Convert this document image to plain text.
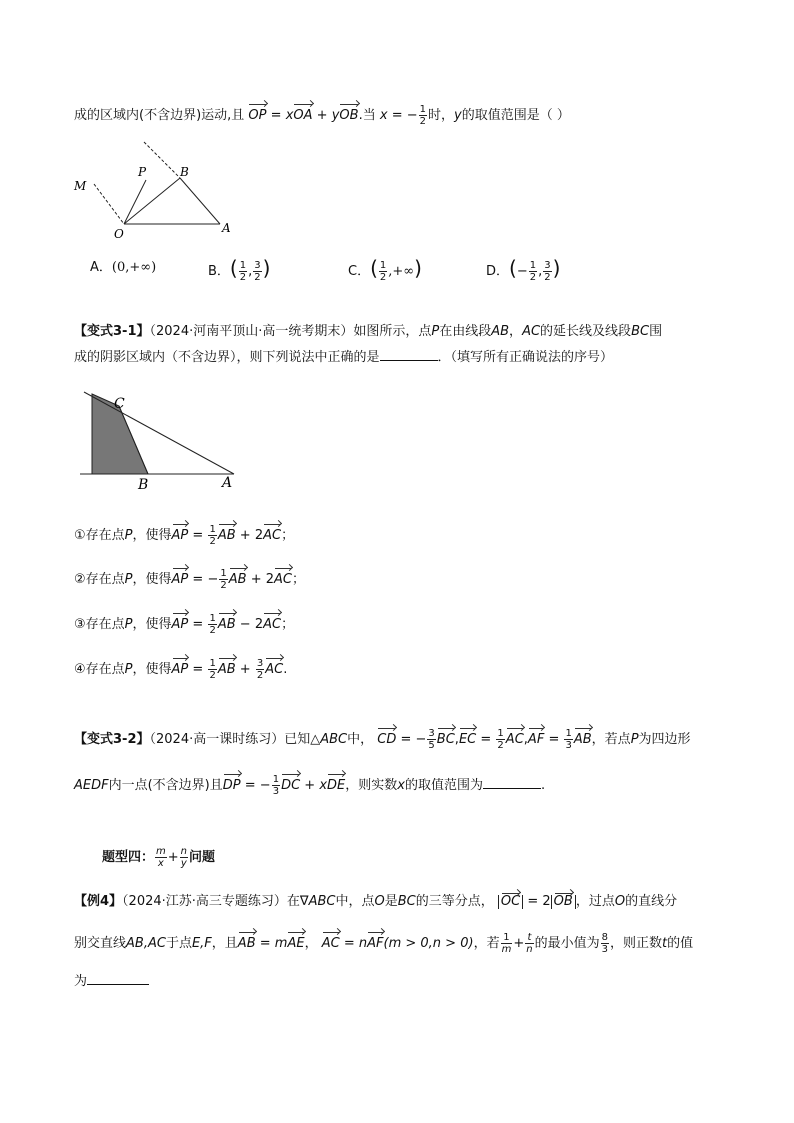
成的区域内(不含边界)运动,且 OP = xOA + yOB.当 x = − $\frac{1}{2}$ 时，y的取值范围是（ ）
M
P	B
O	A
A．(0,+∞)	B．( $\frac{1}{2}$ , $\frac{3}{2}$ )	C．( $\frac{1}{2}$ ,+∞)	D．(− $\frac{1}{2}$ , $\frac{3}{2}$ )
【变式3-1】（2024·河南平顶山·高一统考期末）如图所示，点P在由线段AB，AC的延长线及线段BC围
成的阴影区域内（不含边界），则下列说法中正确的是	．（填写所有正确说法的序号）
C
B	A
①存在点P，使得AP = $\frac{1}{2}$ AB + 2AC；
②存在点P，使得AP = − $\frac{1}{2}$ AB + 2AC；
③存在点P，使得AP = $\frac{1}{2}$ AB − 2AC；
④存在点P，使得AP = $\frac{1}{2}$ AB + $\frac{3}{2}$ AC.
【变式3-2】（2024·高一课时练习）已知△ABC中， CD = − $\frac{3}{5} BC,EC = \frac{1}{2} AC,AF = \frac{1}{3}$ AB，若点P为四边形
AEDF内一点(不含边界)且DP = − $\frac{1}{3}$ DC + xDE，则实数x的取值范围为	.
题型四： $\frac{m}{x} + \frac{n}{y}$ 问题
【例4】（2024·江苏·高三专题练习）在∇ABC中，点O是BC的三等分点， OC = 2 OB ，过点O的直线分
别交直线AB,AC于点E,F，且AB = mAE， AC = nAF(m > 0,n > 0)，若 $\frac{1}{m} + \frac{t}{n}$ 的最小值为 $\frac{8}{3}$ ，则正数t的值
为
